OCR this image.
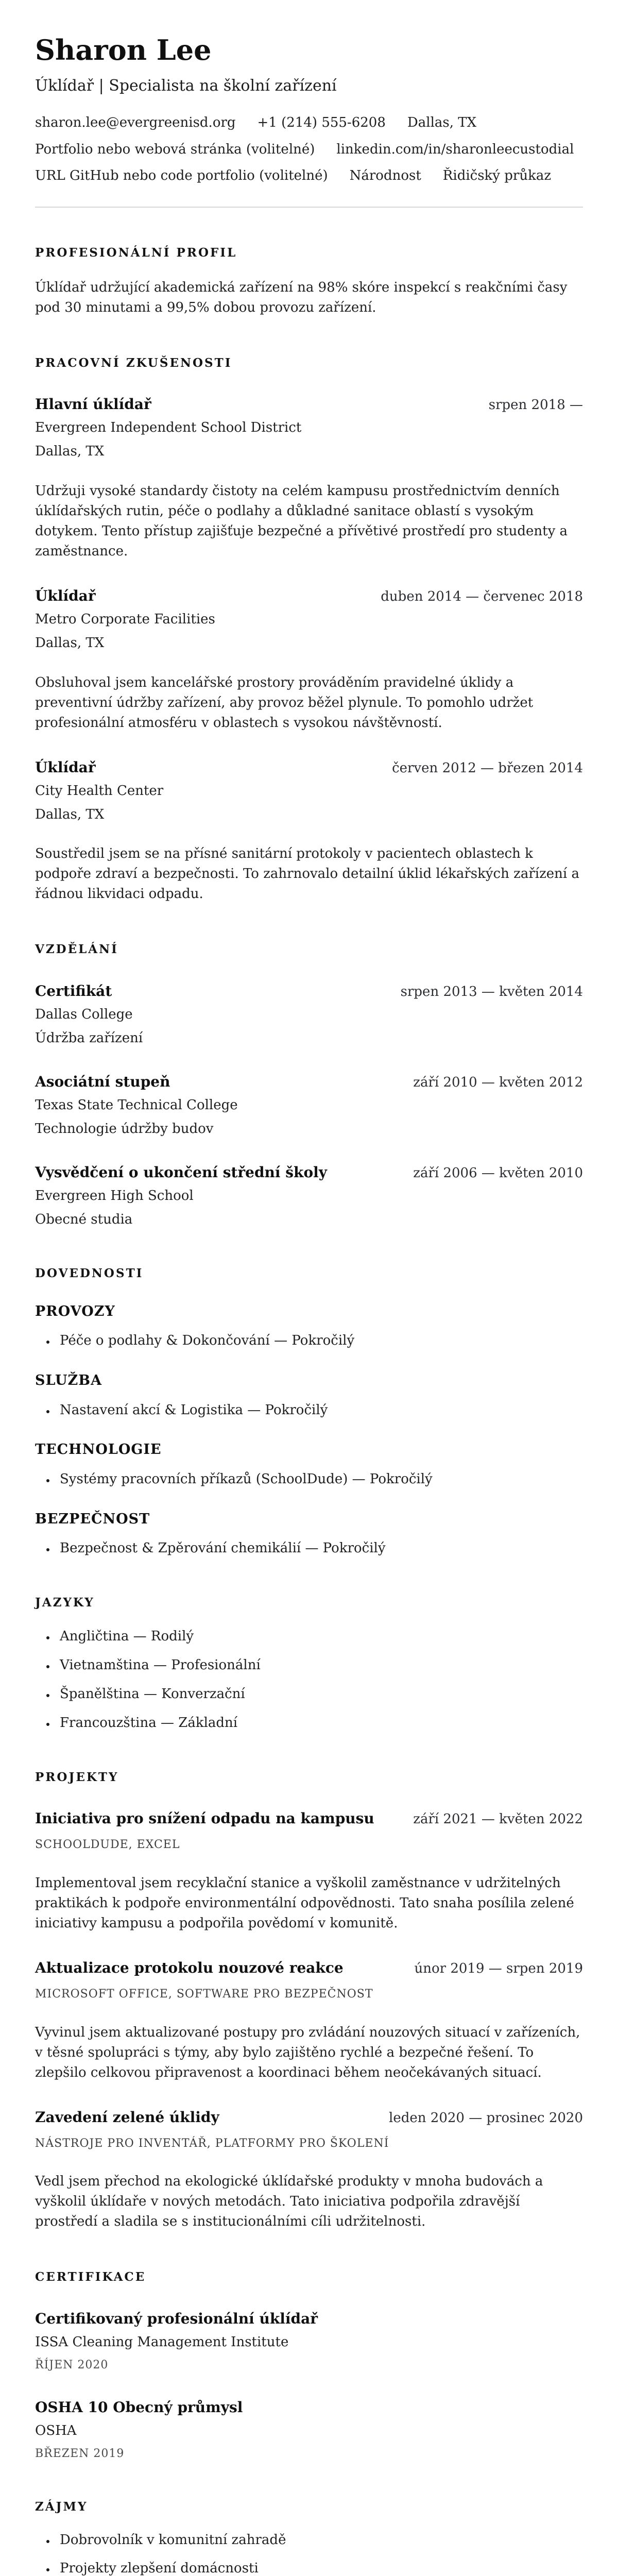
Sharon Lee
Úklídař | Specialista na školní zařízení
sharon.lee@evergreenisd.org +1 (214) 555-6208 Dallas, TX
Portfolio nebo webová stránka (volitelné) linkedin.com/in/sharonleecustodial
URL GitHub nebo code portfolio (volitelné) Národnost Řidičský průkaz
PROFESIONÁLNÍ PROFIL

Úklídař udržující akademická zařízení na 98% skóre inspekcí s reakčními časy pod 30 minutami a 99,5% dobou provozu zařízení.

PRACOVNÍ ZKUŠENOSTI
Hlavní úklídař	srpen 2018 —
Evergreen Independent School District
Dallas, TX

Udržuji vysoké standardy čistoty na celém kampusu prostřednictvím denních úklídařských rutin, péče o podlahy a důkladné sanitace oblastí s vysokým dotykem. Tento přístup zajišťuje bezpečné a přívětivé prostředí pro studenty a zaměstnance.

Úklídař	duben 2014 — červenec 2018
Metro Corporate Facilities
Dallas, TX

Obsluhoval jsem kancelářské prostory prováděním pravidelné úklidy a preventivní údržby zařízení, aby provoz běžel plynule. To pomohlo udržet profesionální atmosféru v oblastech s vysokou návštěvností.

Úklídař	červen 2012 — březen 2014
City Health Center
Dallas, TX

Soustředil jsem se na přísné sanitární protokoly v pacientech oblastech k podpoře zdraví a bezpečnosti. To zahrnovalo detailní úklid lékařských zařízení a řádnou likvidaci odpadu.

VZDĚLÁNÍ
Certifikát	srpen 2013 — květen 2014
Dallas College
Údržba zařízení
Asociátní stupeň	září 2010 — květen 2012
Texas State Technical College
Technologie údržby budov
Vysvědčení o ukončení střední školy	září 2006 — květen 2010
Evergreen High School
Obecné studia
DOVEDNOSTI
PROVOZY
• Péče o podlahy & Dokončování — Pokročilý
SLUŽBA
• Nastavení akcí & Logistika — Pokročilý
TECHNOLOGIE
• Systémy pracovních příkazů (SchoolDude) — Pokročilý
BEZPEČNOST
• Bezpečnost & Zpěrování chemikálií — Pokročilý
JAZYKY
• Angličtina — Rodilý
• Vietnamština — Profesionální
• Španělština — Konverzační
• Francouzština — Základní
PROJEKTY
Iniciativa pro snížení odpadu na kampusu	září 2021 — květen 2022
SCHOOLDUDE, EXCEL

Implementoval jsem recyklační stanice a vyškolil zaměstnance v udržitelných praktikách k podpoře environmentální odpovědnosti. Tato snaha posílila zelené iniciativy kampusu a podpořila povědomí v komunitě.

Aktualizace protokolu nouzové reakce	únor 2019 — srpen 2019
MICROSOFT OFFICE, SOFTWARE PRO BEZPEČNOST

Vyvinul jsem aktualizované postupy pro zvládání nouzových situací v zařízeních, v těsné spolupráci s týmy, aby bylo zajištěno rychlé a bezpečné řešení. To zlepšilo celkovou připravenost a koordinaci během neočekávaných situací.

Zavedení zelené úklidy	leden 2020 — prosinec 2020
NÁSTROJE PRO INVENTÁŘ, PLATFORMY PRO ŠKOLENÍ

Vedl jsem přechod na ekologické úklídařské produkty v mnoha budovách a vyškolil úklídaře v nových metodách. Tato iniciativa podpořila zdravější prostředí a sladila se s institucionálními cíli udržitelnosti.

CERTIFIKACE
Certifikovaný profesionální úklídař
ISSA Cleaning Management Institute
ŘÍJEN 2020
OSHA 10 Obecný průmysl
OSHA
BŘEZEN 2019
ZÁJMY
• Dobrovolník v komunitní zahradě
• Projekty zlepšení domácnosti
